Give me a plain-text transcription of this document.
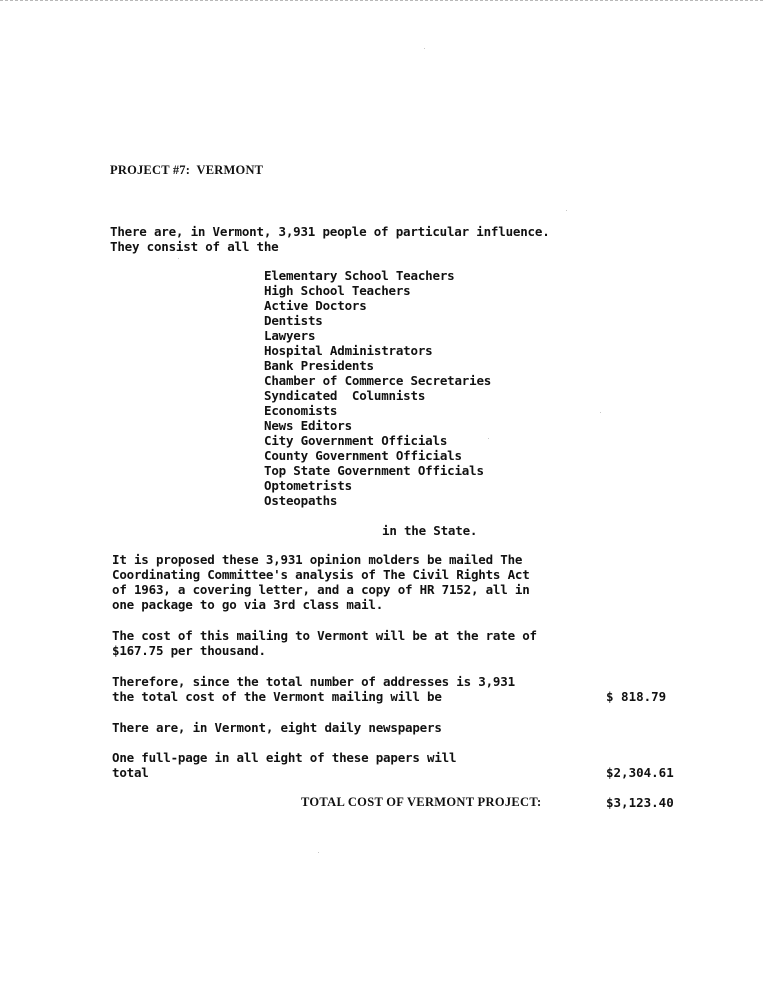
PROJECT #7: VERMONT
There are, in Vermont, 3,931 people of particular influence.
They consist of all the
Elementary School Teachers
High School Teachers
Active Doctors
Dentists
Lawyers
Hospital Administrators
Bank Presidents
Chamber of Commerce Secretaries
Syndicated  Columnists
Economists
News Editors
City Government Officials
County Government Officials
Top State Government Officials
Optometrists
Osteopaths
in the State.
It is proposed these 3,931 opinion molders be mailed The
Coordinating Committee's analysis of The Civil Rights Act
of 1963, a covering letter, and a copy of HR 7152, all in
one package to go via 3rd class mail.
The cost of this mailing to Vermont will be at the rate of
$167.75 per thousand.
Therefore, since the total number of addresses is 3,931
the total cost of the Vermont mailing will be	$ 818.79
There are, in Vermont, eight daily newspapers
One full-page in all eight of these papers will
total	$2,304.61
TOTAL COST OF VERMONT PROJECT:	$3,123.40
